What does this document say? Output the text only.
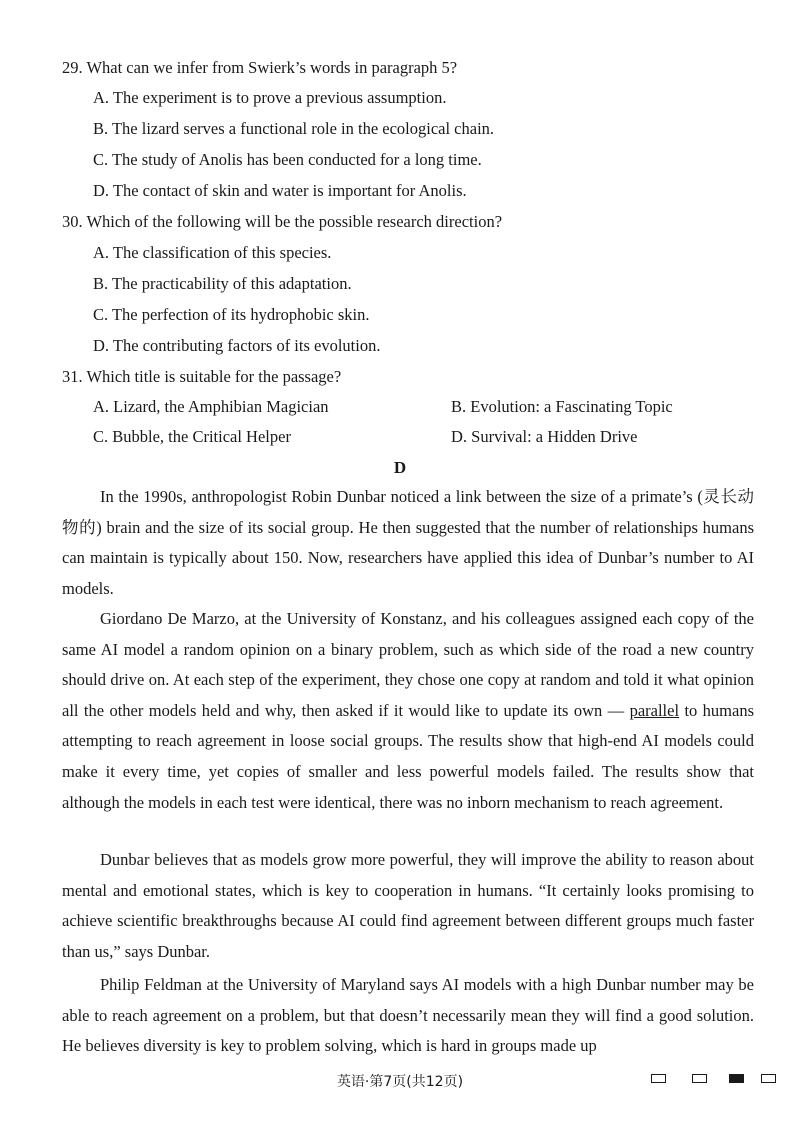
29. What can we infer from Swierk’s words in paragraph 5?
A. The experiment is to prove a previous assumption.
B. The lizard serves a functional role in the ecological chain.
C. The study of Anolis has been conducted for a long time.
D. The contact of skin and water is important for Anolis.
30. Which of the following will be the possible research direction?
A. The classification of this species.
B. The practicability of this adaptation.
C. The perfection of its hydrophobic skin.
D. The contributing factors of its evolution.
31. Which title is suitable for the passage?
A. Lizard, the Amphibian Magician	B. Evolution: a Fascinating Topic
C. Bubble, the Critical Helper	D. Survival: a Hidden Drive
D
In the 1990s, anthropologist Robin Dunbar noticed a link between the size of a primate’s (灵长动物的) brain and the size of its social group. He then suggested that the number of relationships humans can maintain is typically about 150. Now, researchers have applied this idea of Dunbar’s number to AI models.
Giordano De Marzo, at the University of Konstanz, and his colleagues assigned each copy of the same AI model a random opinion on a binary problem, such as which side of the road a new country should drive on. At each step of the experiment, they chose one copy at random and told it what opinion all the other models held and why, then asked if it would like to update its own — parallel to humans attempting to reach agreement in loose social groups. The results show that high-end AI models could make it every time, yet copies of smaller and less powerful models failed. The results show that although the models in each test were identical, there was no inborn mechanism to reach agreement.
Dunbar believes that as models grow more powerful, they will improve the ability to reason about mental and emotional states, which is key to cooperation in humans. “It certainly looks promising to achieve scientific breakthroughs because AI could find agreement between different groups much faster than us,” says Dunbar.
Philip Feldman at the University of Maryland says AI models with a high Dunbar number may be able to reach agreement on a problem, but that doesn’t necessarily mean they will find a good solution. He believes diversity is key to problem solving, which is hard in groups made up
英语·第7页(共12页)
